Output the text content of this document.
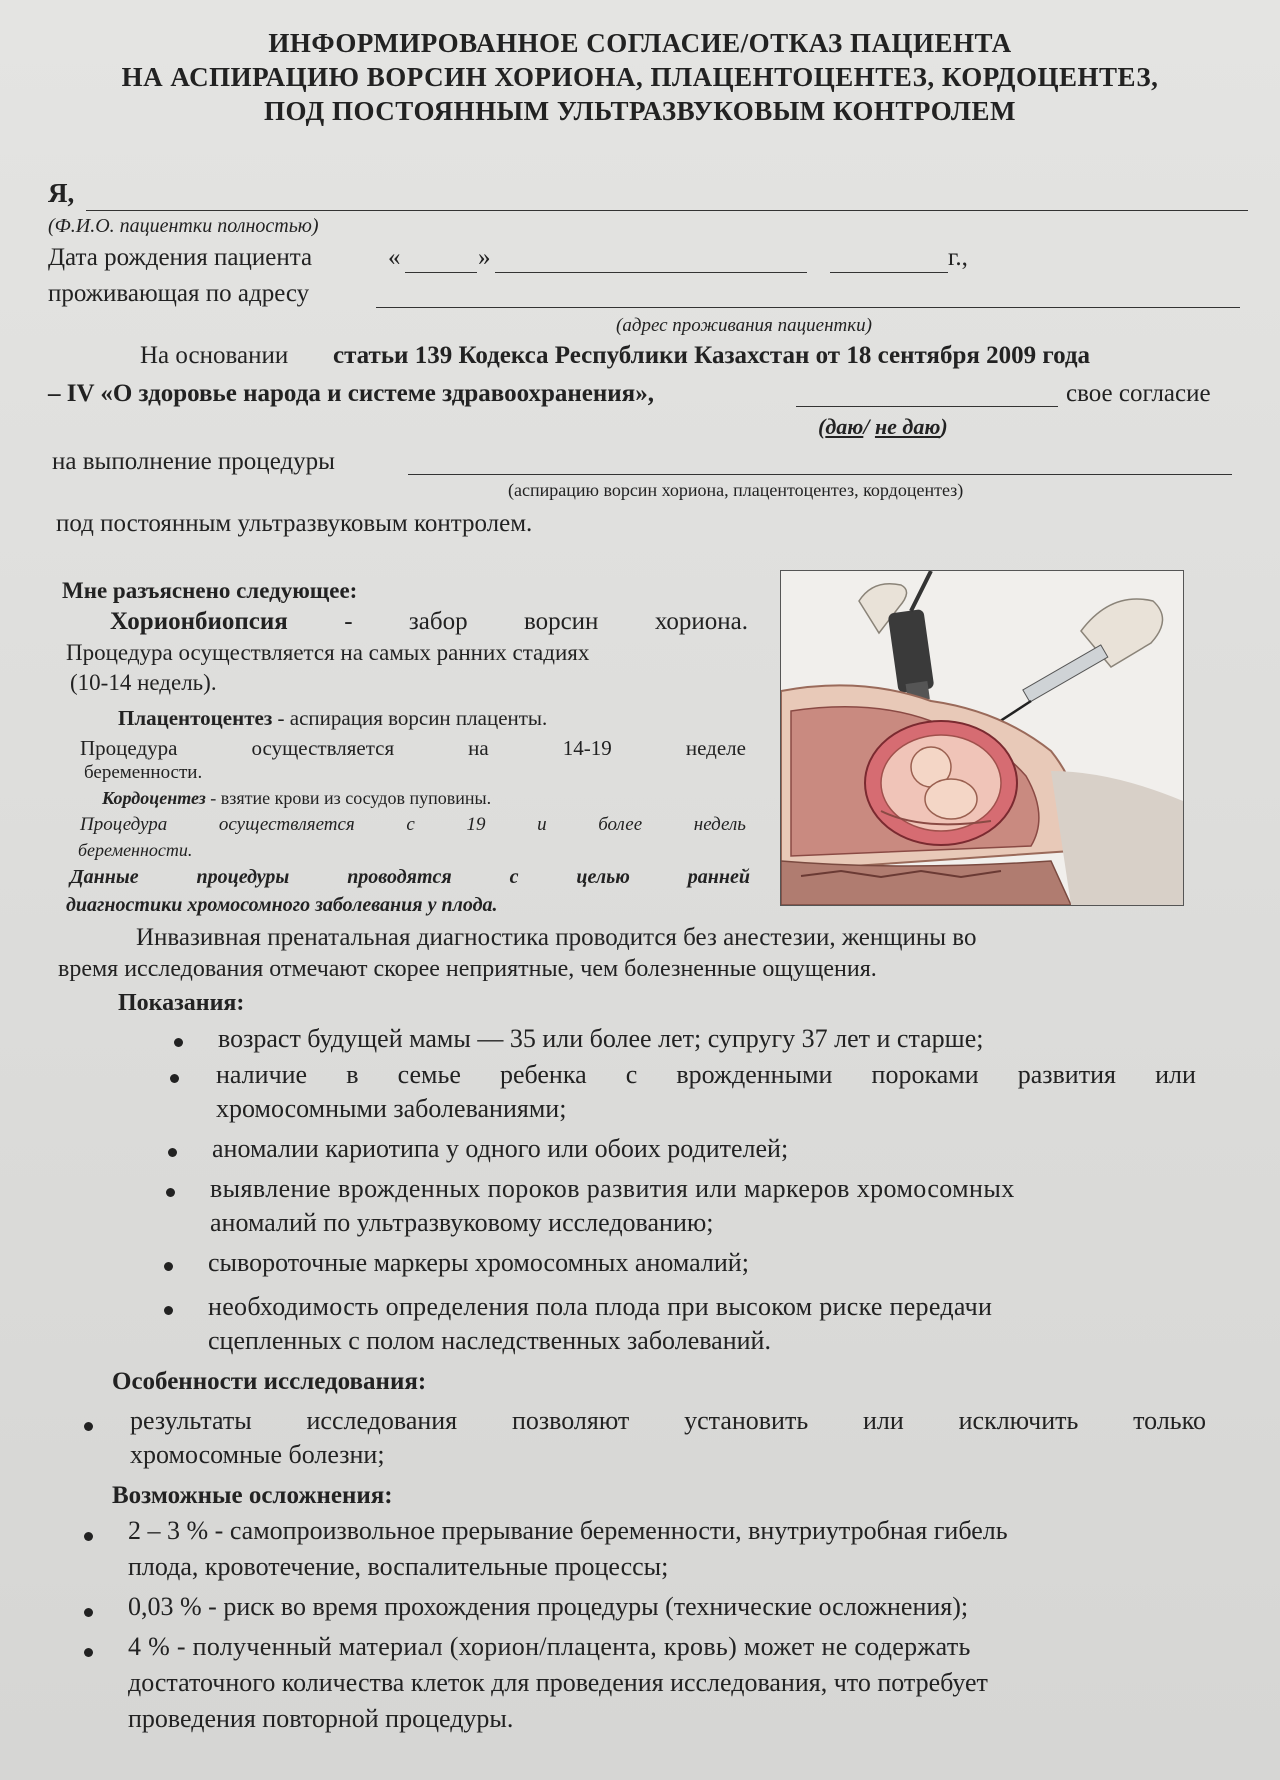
ИНФОРМИРОВАННОЕ СОГЛАСИЕ/ОТКАЗ ПАЦИЕНТА
НА АСПИРАЦИЮ ВОРСИН ХОРИОНА, ПЛАЦЕНТОЦЕНТЕЗ, КОРДОЦЕНТЕЗ,
ПОД ПОСТОЯННЫМ УЛЬТРАЗВУКОВЫМ КОНТРОЛЕМ
Я,
(Ф.И.О. пациентки полностью)
Дата рождения пациента	«	»	г.,
проживающая по адресу
(адрес проживания пациентки)
На основании статьи 139 Кодекса Республики Казахстан от 18 сентября 2009 года
– IV «О здоровье народа и системе здравоохранения»,	свое согласие
(даю/ не даю)
на выполнение процедуры
(аспирацию ворсин хориона, плацентоцентез, кордоцентез)
под постоянным ультразвуковым контролем.
Мне разъяснено следующее:
Хорионбиопсия - забор ворсин хориона.
Процедура осуществляется на самых ранних стадиях
(10-14 недель).
Плацентоцентез - аспирация ворсин плаценты.
Процедура	осуществляется	на	14-19	неделе
беременности.
Кордоцентез - взятие крови из сосудов пуповины.
Процедура	осуществляется	с	19	и	более	недель
беременности.
Данные	процедуры	проводятся	с	целью	ранней
диагностики хромосомного заболевания у плода.
Инвазивная пренатальная диагностика проводится без анестезии, женщины во
время исследования отмечают скорее неприятные, чем болезненные ощущения.
Показания:
возраст будущей мамы — 35 или более лет; супругу 37 лет и старше;
наличие в семье ребенка с врожденными пороками развития или
хромосомными заболеваниями;
аномалии кариотипа у одного или обоих родителей;
выявление врожденных пороков развития или маркеров хромосомных
аномалий по ультразвуковому исследованию;
сывороточные маркеры хромосомных аномалий;
необходимость определения пола плода при высоком риске передачи
сцепленных с полом наследственных заболеваний.
Особенности исследования:
результаты исследования позволяют установить или исключить только
хромосомные болезни;
Возможные осложнения:
2 – 3 % - самопроизвольное прерывание беременности, внутриутробная гибель
плода, кровотечение, воспалительные процессы;
0,03 % - риск во время прохождения процедуры (технические осложнения);
4 % - полученный материал (хорион/плацента, кровь) может не содержать
достаточного количества клеток для проведения исследования, что потребует
проведения повторной процедуры.
